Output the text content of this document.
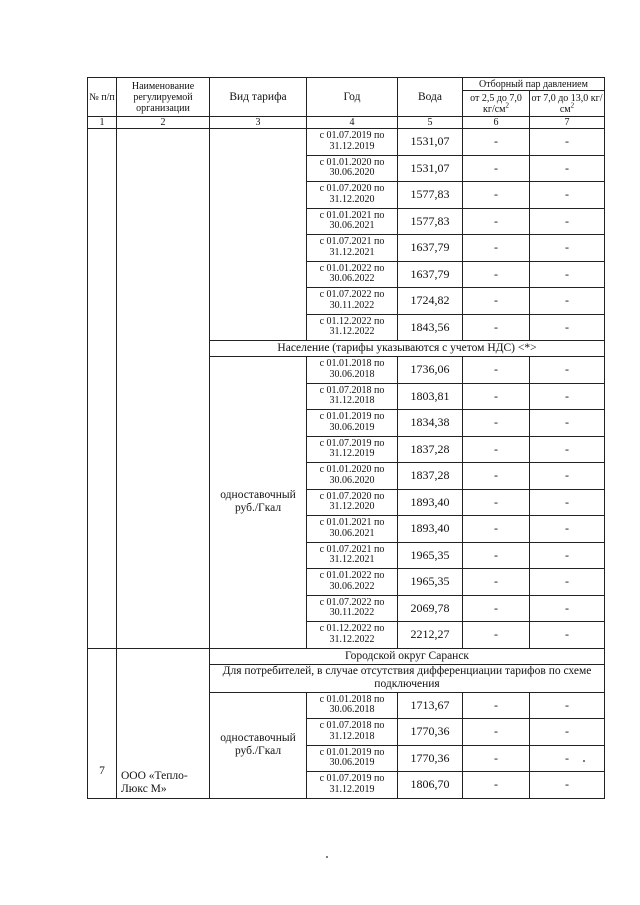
№ п/п	Наименование регулируемой организации	Вид тарифа	Год	Вода	Отборный пар давлением	
					от 2,5 до 7,0 $кг/см^2$	от 7,0 до 13,0 $кг/см^2$
1	2	3	4	5	6	7
			с 01.07.2019 по 31.12.2019	1531,07	-	-
			с 01.01.2020 по 30.06.2020	1531,07	-	-
			с 01.07.2020 по 31.12.2020	1577,83	-	-
			с 01.01.2021 по 30.06.2021	1577,83	-	-
			с 01.07.2021 по 31.12.2021	1637,79	-	-
			с 01.01.2022 по 30.06.2022	1637,79	-	-
			с 01.07.2022 по 30.11.2022	1724,82	-	-
			с 01.12.2022 по 31.12.2022	1843,56	-	-
		Население (тарифы указываются с учетом НДС) <*>				
		одноставочный руб./Гкал	с 01.01.2018 по 30.06.2018	1736,06	-	-
			с 01.07.2018 по 31.12.2018	1803,81	-	-
			с 01.01.2019 по 30.06.2019	1834,38	-	-
			с 01.07.2019 по 31.12.2019	1837,28	-	-
			с 01.01.2020 по 30.06.2020	1837,28	-	-
			с 01.07.2020 по 31.12.2020	1893,40	-	-
			с 01.01.2021 по 30.06.2021	1893,40	-	-
			с 01.07.2021 по 31.12.2021	1965,35	-	-
			с 01.01.2022 по 30.06.2022	1965,35	-	-
			с 01.07.2022 по 30.11.2022	2069,78	-	-
			с 01.12.2022 по 31.12.2022	2212,27	-	-
7	ООО «Тепло-Люкс М»	Городской округ Саранск				
		Для потребителей, в случае отсутствия дифференциации тарифов по схеме подключения				
		одноставочный руб./Гкал	с 01.01.2018 по 30.06.2018	1713,67	-	-
			с 01.07.2018 по 31.12.2018	1770,36	-	-
			с 01.01.2019 по 30.06.2019	1770,36	-	-
			с 01.07.2019 по 31.12.2019	1806,70	-	-
